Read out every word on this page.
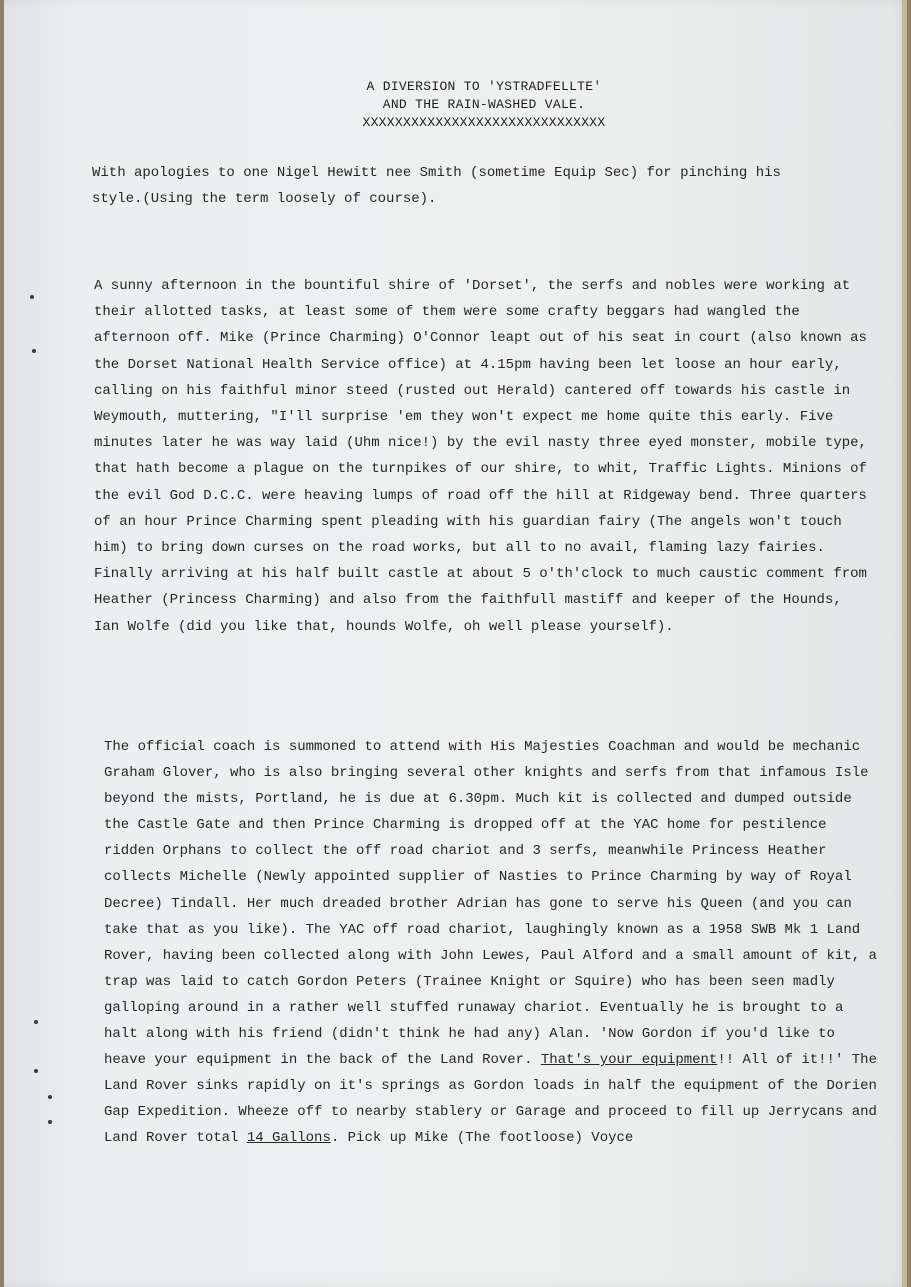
A DIVERSION TO 'YSTRADFELLTE'
AND THE RAIN-WASHED VALE.
XXXXXXXXXXXXXXXXXXXXXXXXXXXXXX
With apologies to one Nigel Hewitt nee Smith (sometime Equip Sec) for pinching his
style.(Using the term loosely of course).
A sunny afternoon in the bountiful shire of 'Dorset', the serfs and nobles were working at their allotted tasks, at least some of them were some crafty beggars had wangled the afternoon off. Mike (Prince Charming) O'Connor leapt out of his seat in court (also known as the Dorset National Health Service office) at 4.15pm having been let loose an hour early, calling on his faithful minor steed (rusted out Herald) cantered off towards his castle in Weymouth, muttering, "I'll surprise 'em they won't expect me home quite this early. Five minutes later he was way laid (Uhm nice!) by the evil nasty three eyed monster, mobile type, that hath become a plague on the turnpikes of our shire, to whit, Traffic Lights. Minions of the evil God D.C.C. were heaving lumps of road off the hill at Ridgeway bend. Three quarters of an hour Prince Charming spent pleading with his guardian fairy (The angels won't touch him) to bring down curses on the road works, but all to no avail, flaming lazy fairies. Finally arriving at his half built castle at about 5 o'th'clock to much caustic comment from Heather (Princess Charming) and also from the faithfull mastiff and keeper of the Hounds, Ian Wolfe (did you like that, hounds Wolfe, oh well please yourself).
The official coach is summoned to attend with His Majesties Coachman and would be mechanic Graham Glover, who is also bringing several other knights and serfs from that infamous Isle beyond the mists, Portland, he is due at 6.30pm. Much kit is collected and dumped outside the Castle Gate and then Prince Charming is dropped off at the YAC home for pestilence ridden Orphans to collect the off road chariot and 3 serfs, meanwhile Princess Heather collects Michelle (Newly appointed supplier of Nasties to Prince Charming by way of Royal Decree) Tindall. Her much dreaded brother Adrian has gone to serve his Queen (and you can take that as you like). The YAC off road chariot, laughingly known as a 1958 SWB Mk 1 Land Rover, having been collected along with John Lewes, Paul Alford and a small amount of kit, a trap was laid to catch Gordon Peters (Trainee Knight or Squire) who has been seen madly galloping around in a rather well stuffed runaway chariot. Eventually he is brought to a halt along with his friend (didn't think he had any) Alan. 'Now Gordon if you'd like to heave your equipment in the back of the Land Rover. That's your equipment!! All of it!!' The Land Rover sinks rapidly on it's springs as Gordon loads in half the equipment of the Dorien Gap Expedition. Wheeze off to nearby stablery or Garage and proceed to fill up Jerrycans and Land Rover total 14 Gallons. Pick up Mike (The footloose) Voyce
